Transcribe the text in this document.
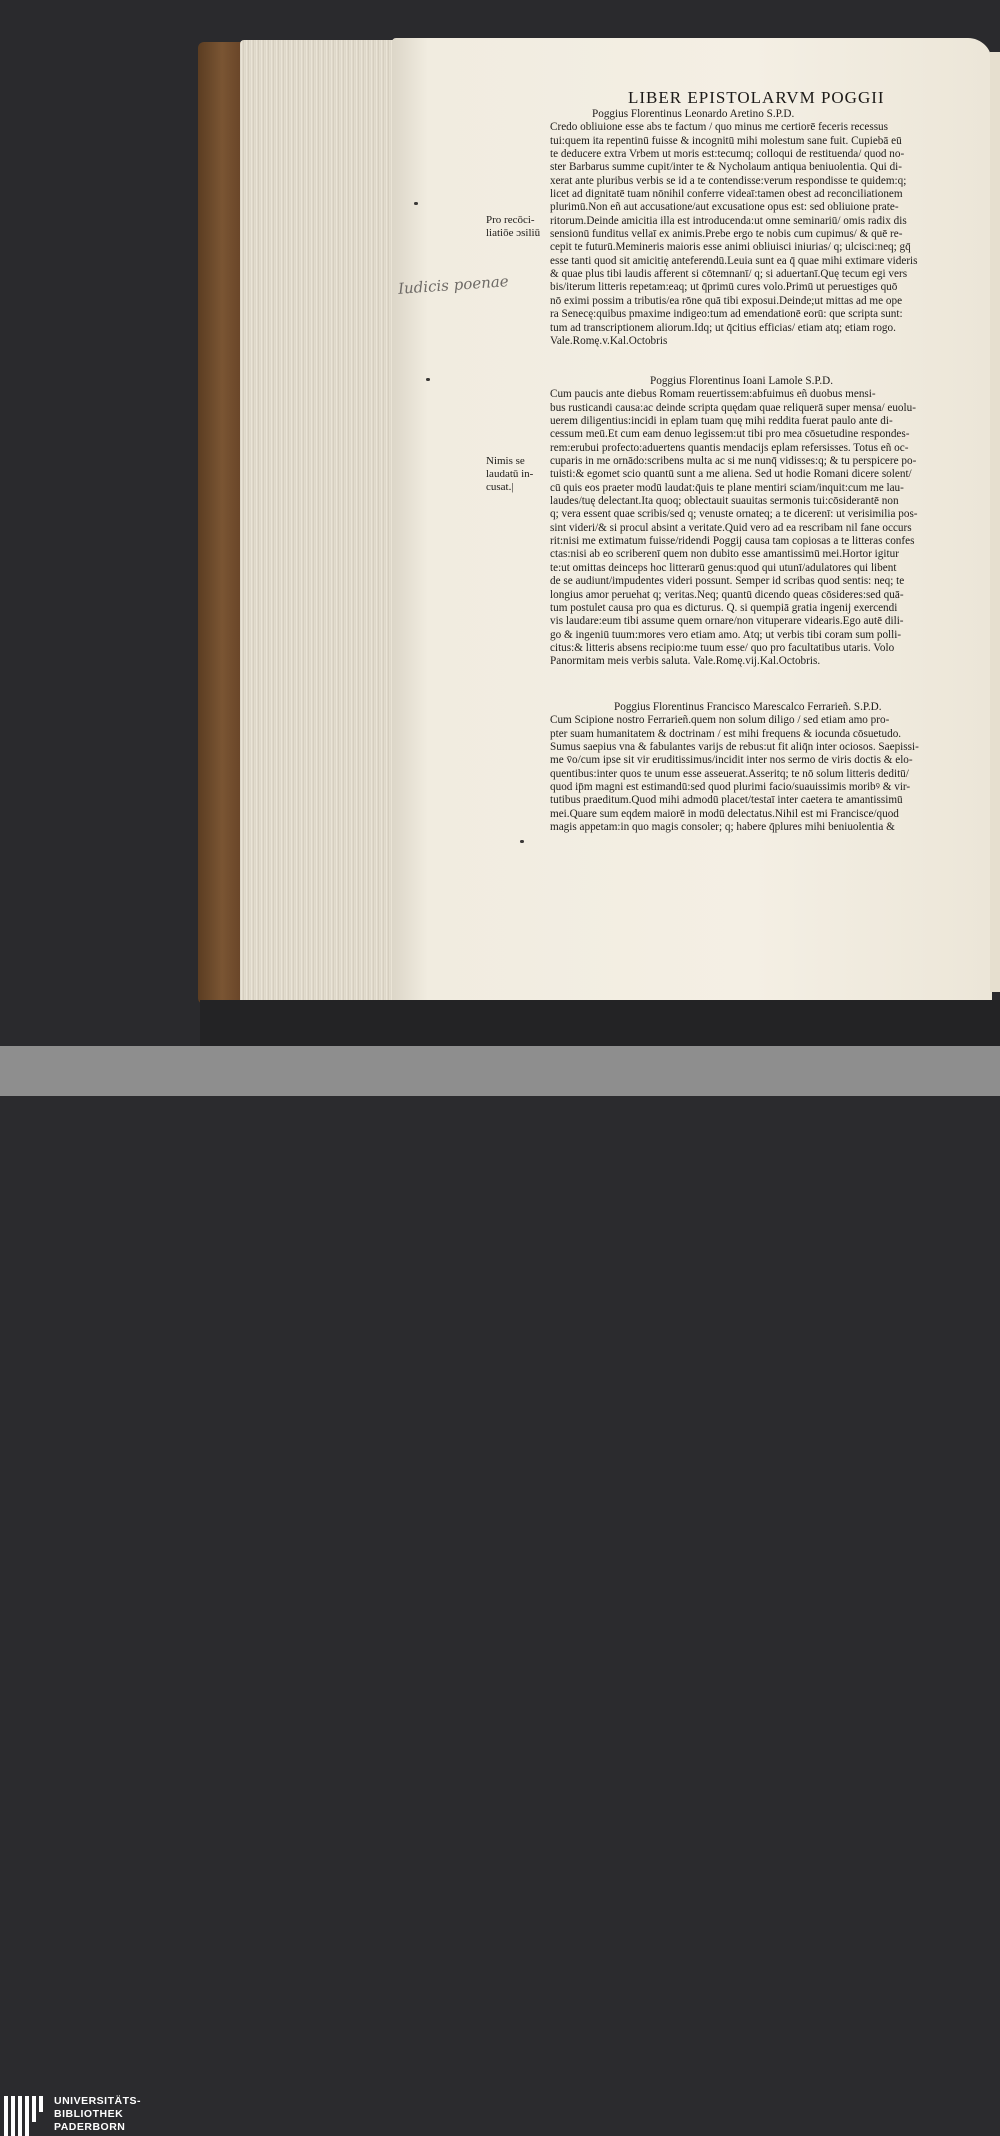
LIBER EPISTOLARVM POGGII
Poggius Florentinus Leonardo Aretino S.P.D.
Credo obliuione esse abs te factum / quo minus me certiorē feceris recessus
tui:quem ita repentinū fuisse & incognitū mihi molestum sane fuit. Cupiebā eū
te deducere extra Vrbem ut moris est:tecumq; colloqui de restituenda/ quod no-
ster Barbarus summe cupit/inter te & Nycholaum antiqua beniuolentia. Qui di-
xerat ante pluribus verbis se id a te contendisse:verum respondisse te quidem:q;
licet ad dignitatē tuam nōnihil conferre videaī:tamen obest ad reconciliationem
plurimū.Non eñ aut accusatione/aut excusatione opus est: sed obliuione prate-
ritorum.Deinde amicitia illa est introducenda:ut omne seminariū/ omis radix dis
sensionū funditus vellaī ex animis.Prebe ergo te nobis cum cupimus/ & quē re-
cepit te futurū.Memineris maioris esse animi obliuisci iniurias/ q; ulcisci:neq; gq̄
esse tanti quod sit amicitię anteferendū.Leuia sunt ea q̄ quae mihi extimare videris
& quae plus tibi laudis afferent si cōtemnanī/ q; si aduertanī.Quę tecum egi vers
bis/iterum litteris repetam:eaq; ut q̄primū cures volo.Primū ut peruestiges quō
nō eximi possim a tributis/ea rōne quā tibi exposui.Deinde;ut mittas ad me ope
ra Senecę:quibus pmaxime indigeo:tum ad emendationē eorū: que scripta sunt:
tum ad transcriptionem aliorum.Idq; ut q̄citius efficias/ etiam atq; etiam rogo.
Vale.Romę.v.Kal.Octobris
Poggius Florentinus Ioani Lamole S.P.D.
Cum paucis ante diebus Romam reuertissem:abfuimus eñ duobus mensi-
bus rusticandi causa:ac deinde scripta quędam quae reliquerā super mensa/ euolu-
uerem diligentius:incidi in epl̄am tuam quę mihi reddita fuerat paulo ante di-
cessum meū.Et cum eam denuo legissem:ut tibi pro mea cōsuetudine respondes-
rem:erubui profecto:aduertens quantis mendacijs epl̄am refersisses. Totus eñ oc-
cuparis in me ornādo:scribens multa ac si me nunq̄ vidisses:q; & tu perspicere po-
tuisti:& egomet scio quantū sunt a me aliena. Sed ut hodie Romani dicere solent/
cū quis eos praeter modū laudat:q̄uis te plane mentiri sciam/inquit:cum me lau-
laudes/tuę delectant.Ita quoq; oblectauit suauitas sermonis tui:cōsiderantē non
q; vera essent quae scribis/sed q; venuste ornateq; a te dicerenī: ut verisimilia pos-
sint videri/& si procul absint a veritate.Quid vero ad ea rescribam nil fane occurs
rit:nisi me extimatum fuisse/ridendi Poggij causa tam copiosas a te litteras confes
ctas:nisi ab eo scriberenī quem non dubito esse amantissimū mei.Hortor igitur
te:ut omittas deinceps hoc litterarū genus:quod qui utunī/adulatores qui libent
de se audiunt/impudentes videri possunt. Semper id scribas quod sentis: neq; te
longius amor peruehat q; veritas.Neq; quantū dicendo queas cōsideres:sed quā-
tum postulet causa pro qua es dicturus. Q. si quempiā gratia ingenij exercendi
vis laudare:eum tibi assume quem ornare/non vituperare videaris.Ego autē dili-
go & ingeniū tuum:mores vero etiam amo. Atq; ut verbis tibi coram sum polli-
citus:& litteris absens recipio:me tuum esse/ quo pro facultatibus utaris. Volo
Panormitam meis verbis saluta. Vale.Romę.vij.Kal.Octobris.
Poggius Florentinus Francisco Marescalco Ferrarieñ. S.P.D.
Cum Scipione nostro Ferrarieñ.quem non solum diligo / sed etiam amo pro-
pter suam humanitatem & doctrinam / est mihi frequens & iocunda cōsuetudo.
Sumus saepius vna & fabulantes varijs de rebus:ut fit aliq̄n inter ociosos. Saepissi-
me v̄o/cum ipse sit vir eruditissimus/incidit inter nos sermo de viris doctis & elo-
quentibus:inter quos te unum esse asseuerat.Asseritq; te nō solum litteris deditū/
quod ip̄m magni est estimandū:sed quod plurimi facio/suauissimis moribꝰ & vir-
tutibus praeditum.Quod mihi admodū placet/testaī inter caetera te amantissimū
mei.Quare sum eqdem maiorē in modū delectatus.Nihil est mi Francisce/quod
magis appetam:in quo magis consoler; q; habere q̄plures mihi beniuolentia &
Pro recōci-
liatiōe ɔsiliū
Nimis se
laudatū in-
cusat.|
Iudicis poenae
UNIVERSITÄTS-
BIBLIOTHEK
PADERBORN
